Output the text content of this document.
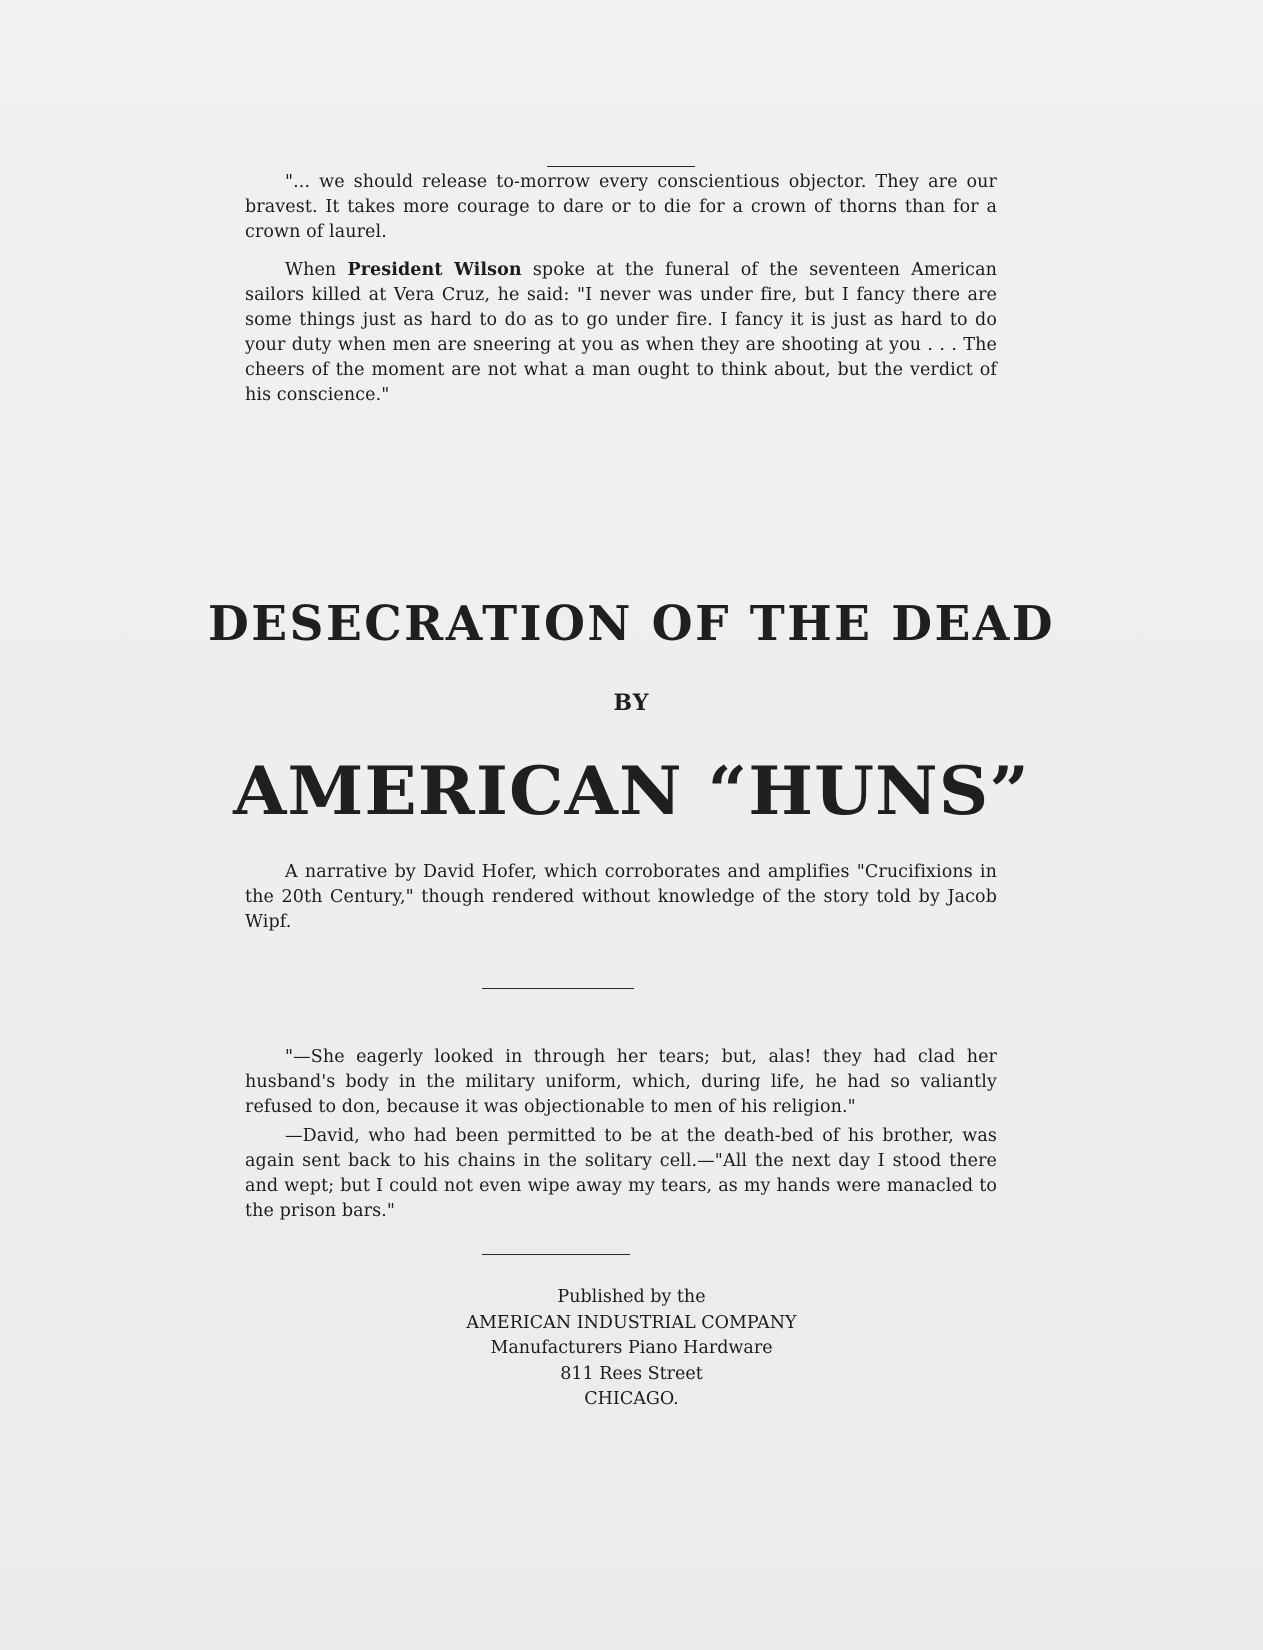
"... we should release to-morrow every conscientious objector. They are our bravest. It takes more courage to dare or to die for a crown of thorns than for a crown of laurel.

When President Wilson spoke at the funeral of the seventeen American sailors killed at Vera Cruz, he said: "I never was under fire, but I fancy there are some things just as hard to do as to go under fire. I fancy it is just as hard to do your duty when men are sneering at you as when they are shooting at you . . . The cheers of the moment are not what a man ought to think about, but the verdict of his conscience."

DESECRATION OF THE DEAD
BY
AMERICAN “HUNS”

A narrative by David Hofer, which corroborates and amplifies "Crucifixions in the 20th Century," though rendered without knowledge of the story told by Jacob Wipf.

"—She eagerly looked in through her tears; but, alas! they had clad her husband's body in the military uniform, which, during life, he had so valiantly refused to don, because it was objectionable to men of his religion."

—David, who had been permitted to be at the death-bed of his brother, was again sent back to his chains in the solitary cell.—"All the next day I stood there and wept; but I could not even wipe away my tears, as my hands were manacled to the prison bars."

Published by the
AMERICAN INDUSTRIAL COMPANY
Manufacturers Piano Hardware
811 Rees Street
CHICAGO.
